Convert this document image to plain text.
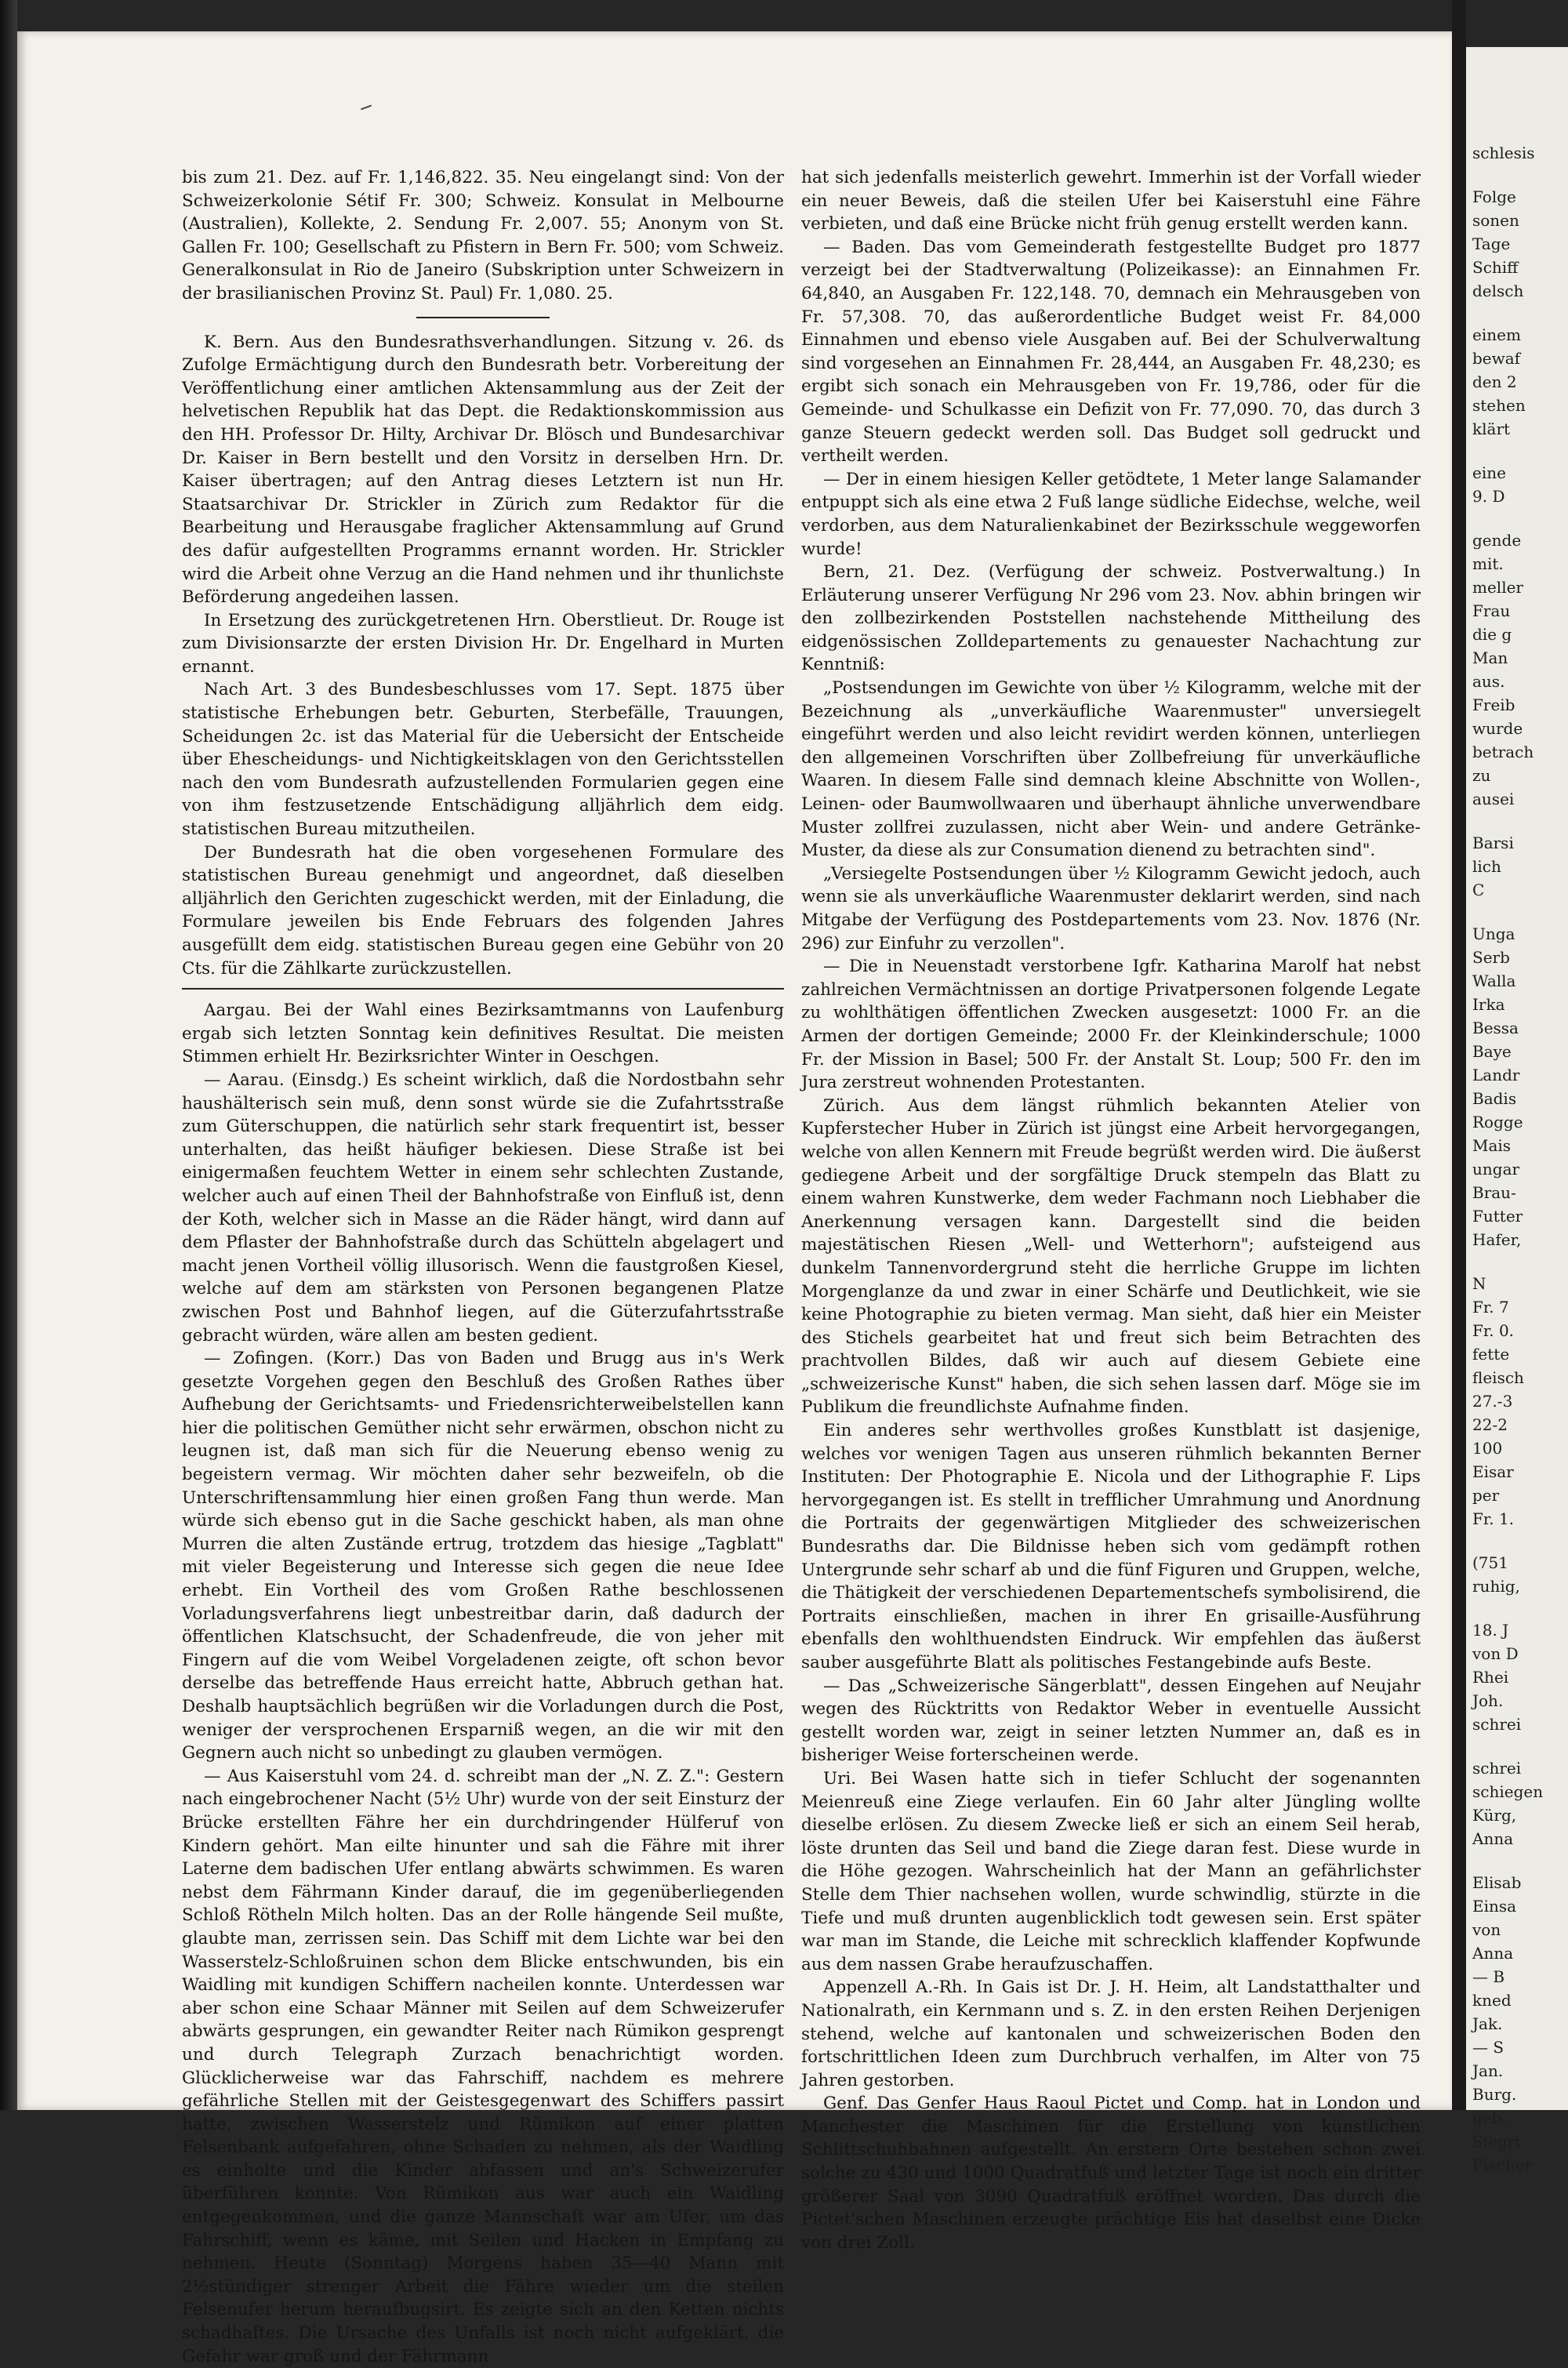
bis zum 21. Dez. auf Fr. 1,146,822. 35. Neu eingelangt sind: Von der Schweizerkolonie Sétif Fr. 300; Schweiz. Konsulat in Melbourne (Australien), Kollekte, 2. Sendung Fr. 2,007. 55; Anonym von St. Gallen Fr. 100; Gesellschaft zu Pfistern in Bern Fr. 500; vom Schweiz. Generalkonsulat in Rio de Janeiro (Subskription unter Schweizern in der brasilianischen Provinz St. Paul) Fr. 1,080. 25.

K. Bern. Aus den Bundesrathsverhandlungen. Sitzung v. 26. ds Zufolge Ermächtigung durch den Bundesrath betr. Vorbereitung der Veröffentlichung einer amtlichen Aktensammlung aus der Zeit der helvetischen Republik hat das Dept. die Redaktionskommission aus den HH. Professor Dr. Hilty, Archivar Dr. Blösch und Bundesarchivar Dr. Kaiser in Bern bestellt und den Vorsitz in derselben Hrn. Dr. Kaiser übertragen; auf den Antrag dieses Letztern ist nun Hr. Staatsarchivar Dr. Strickler in Zürich zum Redaktor für die Bearbeitung und Herausgabe fraglicher Aktensammlung auf Grund des dafür aufgestellten Programms ernannt worden. Hr. Strickler wird die Arbeit ohne Verzug an die Hand nehmen und ihr thunlichste Beförderung angedeihen lassen.

In Ersetzung des zurückgetretenen Hrn. Oberstlieut. Dr. Rouge ist zum Divisionsarzte der ersten Division Hr. Dr. Engelhard in Murten ernannt.

Nach Art. 3 des Bundesbeschlusses vom 17. Sept. 1875 über statistische Erhebungen betr. Geburten, Sterbefälle, Trauungen, Scheidungen 2c. ist das Material für die Uebersicht der Entscheide über Ehescheidungs- und Nichtigkeitsklagen von den Gerichtsstellen nach den vom Bundesrath aufzustellenden Formularien gegen eine von ihm festzusetzende Entschädigung alljährlich dem eidg. statistischen Bureau mitzutheilen.

Der Bundesrath hat die oben vorgesehenen Formulare des statistischen Bureau genehmigt und angeordnet, daß dieselben alljährlich den Gerichten zugeschickt werden, mit der Einladung, die Formulare jeweilen bis Ende Februars des folgenden Jahres ausgefüllt dem eidg. statistischen Bureau gegen eine Gebühr von 20 Cts. für die Zählkarte zurückzustellen.

Aargau. Bei der Wahl eines Bezirksamtmanns von Laufenburg ergab sich letzten Sonntag kein definitives Resultat. Die meisten Stimmen erhielt Hr. Bezirksrichter Winter in Oeschgen.

— Aarau. (Einsdg.) Es scheint wirklich, daß die Nordostbahn sehr haushälterisch sein muß, denn sonst würde sie die Zufahrtsstraße zum Güterschuppen, die natürlich sehr stark frequentirt ist, besser unterhalten, das heißt häufiger bekiesen. Diese Straße ist bei einigermaßen feuchtem Wetter in einem sehr schlechten Zustande, welcher auch auf einen Theil der Bahnhofstraße von Einfluß ist, denn der Koth, welcher sich in Masse an die Räder hängt, wird dann auf dem Pflaster der Bahnhofstraße durch das Schütteln abgelagert und macht jenen Vortheil völlig illusorisch. Wenn die faustgroßen Kiesel, welche auf dem am stärksten von Personen begangenen Platze zwischen Post und Bahnhof liegen, auf die Güterzufahrtsstraße gebracht würden, wäre allen am besten gedient.

— Zofingen. (Korr.) Das von Baden und Brugg aus in's Werk gesetzte Vorgehen gegen den Beschluß des Großen Rathes über Aufhebung der Gerichtsamts- und Friedensrichterweibelstellen kann hier die politischen Gemüther nicht sehr erwärmen, obschon nicht zu leugnen ist, daß man sich für die Neuerung ebenso wenig zu begeistern vermag. Wir möchten daher sehr bezweifeln, ob die Unterschriftensammlung hier einen großen Fang thun werde. Man würde sich ebenso gut in die Sache geschickt haben, als man ohne Murren die alten Zustände ertrug, trotzdem das hiesige „Tagblatt" mit vieler Begeisterung und Interesse sich gegen die neue Idee erhebt. Ein Vortheil des vom Großen Rathe beschlossenen Vorladungsverfahrens liegt unbestreitbar darin, daß dadurch der öffentlichen Klatschsucht, der Schadenfreude, die von jeher mit Fingern auf die vom Weibel Vorgeladenen zeigte, oft schon bevor derselbe das betreffende Haus erreicht hatte, Abbruch gethan hat. Deshalb hauptsächlich begrüßen wir die Vorladungen durch die Post, weniger der versprochenen Ersparniß wegen, an die wir mit den Gegnern auch nicht so unbedingt zu glauben vermögen.

— Aus Kaiserstuhl vom 24. d. schreibt man der „N. Z. Z.": Gestern nach eingebrochener Nacht (5½ Uhr) wurde von der seit Einsturz der Brücke erstellten Fähre her ein durchdringender Hülferuf von Kindern gehört. Man eilte hinunter und sah die Fähre mit ihrer Laterne dem badischen Ufer entlang abwärts schwimmen. Es waren nebst dem Fährmann Kinder darauf, die im gegenüberliegenden Schloß Rötheln Milch holten. Das an der Rolle hängende Seil mußte, glaubte man, zerrissen sein. Das Schiff mit dem Lichte war bei den Wasserstelz-Schloßruinen schon dem Blicke entschwunden, bis ein Waidling mit kundigen Schiffern nacheilen konnte. Unterdessen war aber schon eine Schaar Männer mit Seilen auf dem Schweizerufer abwärts gesprungen, ein gewandter Reiter nach Rümikon gesprengt und durch Telegraph Zurzach benachrichtigt worden. Glücklicherweise war das Fahrschiff, nachdem es mehrere gefährliche Stellen mit der Geistesgegenwart des Schiffers passirt hatte, zwischen Wasserstelz und Rümikon auf einer platten Felsenbank aufgefahren, ohne Schaden zu nehmen, als der Waidling es einholte und die Kinder abfassen und an's Schweizerufer überführen konnte. Von Rümikon aus war auch ein Waidling entgegenkommen, und die ganze Mannschaft war am Ufer, um das Fahrschiff, wenn es käme, mit Seilen und Hacken in Empfang zu nehmen. Heute (Sonntag) Morgens haben 35—40 Mann mit 2½stündiger strenger Arbeit die Fähre wieder um die steilen Felsenufer herum heraufbugsirt. Es zeigte sich an den Ketten nichts schadhaftes. Die Ursache des Unfalls ist noch nicht aufgeklärt, die Gefahr war groß und der Fährmann

hat sich jedenfalls meisterlich gewehrt. Immerhin ist der Vorfall wieder ein neuer Beweis, daß die steilen Ufer bei Kaiserstuhl eine Fähre verbieten, und daß eine Brücke nicht früh genug erstellt werden kann.

— Baden. Das vom Gemeinderath festgestellte Budget pro 1877 verzeigt bei der Stadtverwaltung (Polizeikasse): an Einnahmen Fr. 64,840, an Ausgaben Fr. 122,148. 70, demnach ein Mehrausgeben von Fr. 57,308. 70, das außerordentliche Budget weist Fr. 84,000 Einnahmen und ebenso viele Ausgaben auf. Bei der Schulverwaltung sind vorgesehen an Einnahmen Fr. 28,444, an Ausgaben Fr. 48,230; es ergibt sich sonach ein Mehrausgeben von Fr. 19,786, oder für die Gemeinde- und Schulkasse ein Defizit von Fr. 77,090. 70, das durch 3 ganze Steuern gedeckt werden soll. Das Budget soll gedruckt und vertheilt werden.

— Der in einem hiesigen Keller getödtete, 1 Meter lange Salamander entpuppt sich als eine etwa 2 Fuß lange südliche Eidechse, welche, weil verdorben, aus dem Naturalienkabinet der Bezirksschule weggeworfen wurde!

Bern, 21. Dez. (Verfügung der schweiz. Postverwaltung.) In Erläuterung unserer Verfügung Nr 296 vom 23. Nov. abhin bringen wir den zollbezirkenden Poststellen nachstehende Mittheilung des eidgenössischen Zolldepartements zu genauester Nachachtung zur Kenntniß:

„Postsendungen im Gewichte von über ½ Kilogramm, welche mit der Bezeichnung als „unverkäufliche Waarenmuster" unversiegelt eingeführt werden und also leicht revidirt werden können, unterliegen den allgemeinen Vorschriften über Zollbefreiung für unverkäufliche Waaren. In diesem Falle sind demnach kleine Abschnitte von Wollen-, Leinen- oder Baumwollwaaren und überhaupt ähnliche unverwendbare Muster zollfrei zuzulassen, nicht aber Wein- und andere Getränke-Muster, da diese als zur Consumation dienend zu betrachten sind".

„Versiegelte Postsendungen über ½ Kilogramm Gewicht jedoch, auch wenn sie als unverkäufliche Waarenmuster deklarirt werden, sind nach Mitgabe der Verfügung des Postdepartements vom 23. Nov. 1876 (Nr. 296) zur Einfuhr zu verzollen".

— Die in Neuenstadt verstorbene Igfr. Katharina Marolf hat nebst zahlreichen Vermächtnissen an dortige Privatpersonen folgende Legate zu wohlthätigen öffentlichen Zwecken ausgesetzt: 1000 Fr. an die Armen der dortigen Gemeinde; 2000 Fr. der Kleinkinderschule; 1000 Fr. der Mission in Basel; 500 Fr. der Anstalt St. Loup; 500 Fr. den im Jura zerstreut wohnenden Protestanten.

Zürich. Aus dem längst rühmlich bekannten Atelier von Kupferstecher Huber in Zürich ist jüngst eine Arbeit hervorgegangen, welche von allen Kennern mit Freude begrüßt werden wird. Die äußerst gediegene Arbeit und der sorgfältige Druck stempeln das Blatt zu einem wahren Kunstwerke, dem weder Fachmann noch Liebhaber die Anerkennung versagen kann. Dargestellt sind die beiden majestätischen Riesen „Well- und Wetterhorn"; aufsteigend aus dunkelm Tannenvordergrund steht die herrliche Gruppe im lichten Morgenglanze da und zwar in einer Schärfe und Deutlichkeit, wie sie keine Photographie zu bieten vermag. Man sieht, daß hier ein Meister des Stichels gearbeitet hat und freut sich beim Betrachten des prachtvollen Bildes, daß wir auch auf diesem Gebiete eine „schweizerische Kunst" haben, die sich sehen lassen darf. Möge sie im Publikum die freundlichste Aufnahme finden.

Ein anderes sehr werthvolles großes Kunstblatt ist dasjenige, welches vor wenigen Tagen aus unseren rühmlich bekannten Berner Instituten: Der Photographie E. Nicola und der Lithographie F. Lips hervorgegangen ist. Es stellt in trefflicher Umrahmung und Anordnung die Portraits der gegenwärtigen Mitglieder des schweizerischen Bundesraths dar. Die Bildnisse heben sich vom gedämpft rothen Untergrunde sehr scharf ab und die fünf Figuren und Gruppen, welche, die Thätigkeit der verschiedenen Departementschefs symbolisirend, die Portraits einschließen, machen in ihrer En grisaille-Ausführung ebenfalls den wohlthuendsten Eindruck. Wir empfehlen das äußerst sauber ausgeführte Blatt als politisches Festangebinde aufs Beste.

— Das „Schweizerische Sängerblatt", dessen Eingehen auf Neujahr wegen des Rücktritts von Redaktor Weber in eventuelle Aussicht gestellt worden war, zeigt in seiner letzten Nummer an, daß es in bisheriger Weise forterscheinen werde.

Uri. Bei Wasen hatte sich in tiefer Schlucht der sogenannten Meienreuß eine Ziege verlaufen. Ein 60 Jahr alter Jüngling wollte dieselbe erlösen. Zu diesem Zwecke ließ er sich an einem Seil herab, löste drunten das Seil und band die Ziege daran fest. Diese wurde in die Höhe gezogen. Wahrscheinlich hat der Mann an gefährlichster Stelle dem Thier nachsehen wollen, wurde schwindlig, stürzte in die Tiefe und muß drunten augenblicklich todt gewesen sein. Erst später war man im Stande, die Leiche mit schrecklich klaffender Kopfwunde aus dem nassen Grabe heraufzuschaffen.

Appenzell A.-Rh. In Gais ist Dr. J. H. Heim, alt Landstatthalter und Nationalrath, ein Kernmann und s. Z. in den ersten Reihen Derjenigen stehend, welche auf kantonalen und schweizerischen Boden den fortschrittlichen Ideen zum Durchbruch verhalfen, im Alter von 75 Jahren gestorben.

Genf. Das Genfer Haus Raoul Pictet und Comp. hat in London und Manchester die Maschinen für die Erstellung von künstlichen Schlittschuhbahnen aufgestellt. An erstern Orte bestehen schon zwei solche zu 430 und 1000 Quadratfuß und letzter Tage ist noch ein dritter größerer Saal von 3090 Quadratfuß eröffnet worden. Das durch die Pictet'schen Maschinen erzeugte prächtige Eis hat daselbst eine Dicke von drei Zoll.

schlesis
Folge
sonen
Tage
Schiff
delsch
einem
bewaf
den 2
stehen
klärt
eine
9. D
gende
mit.
meller
Frau
die g
Man
aus.
Freib
wurde
betrach
zu
ausei
Barsi
lich
C
Unga
Serb
Walla
Irka
Bessa
Baye
Landr
Badis
Rogge
Mais
ungar
Brau-
Futter
Hafer,
N
Fr. 7
Fr. 0.
fette
fleisch
27.-3
22-2
100
Eisar
per
Fr. 1.
(751
ruhig,
18. J
von D
Rhei
Joh.
schrei
schrei
schiegen
Kürg,
Anna
Elisab
Einsa
von
Anna
— B
kned
Jak.
— S
Jan.
Burg.
geb.
Siegri
Fischer
